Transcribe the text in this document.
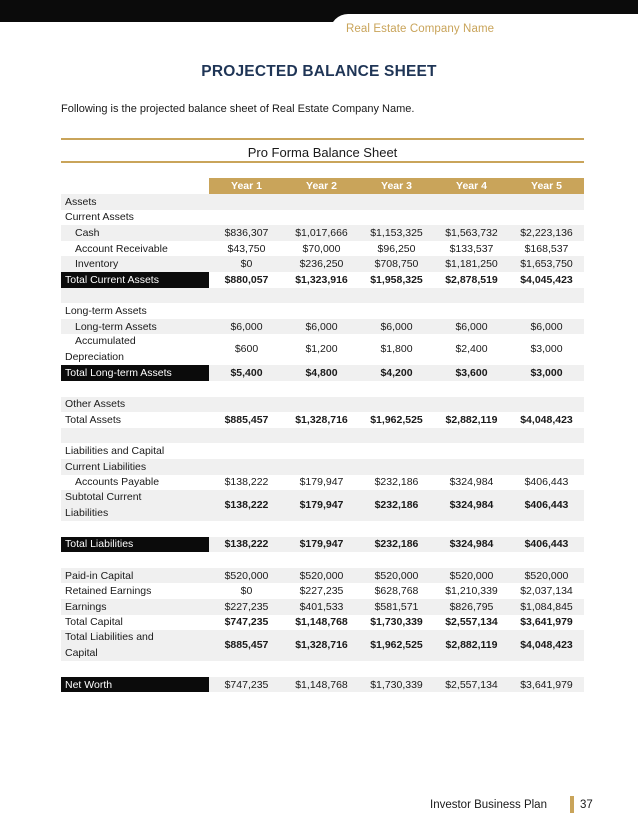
Real Estate Company Name
PROJECTED BALANCE SHEET
Following is the projected balance sheet of Real Estate Company Name.
Pro Forma Balance Sheet
	Year 1	Year 2	Year 3	Year 4	Year 5
Assets					
Current Assets					
Cash	$836,307	$1,017,666	$1,153,325	$1,563,732	$2,223,136
Account Receivable	$43,750	$70,000	$96,250	$133,537	$168,537
Inventory	$0	$236,250	$708,750	$1,181,250	$1,653,750
Total Current Assets	$880,057	$1,323,916	$1,958,325	$2,878,519	$4,045,423

Long-term Assets					
Long-term Assets	$6,000	$6,000	$6,000	$6,000	$6,000
Accumulated
Depreciation	$600	$1,200	$1,800	$2,400	$3,000
Total Long-term Assets	$5,400	$4,800	$4,200	$3,600	$3,000

Other Assets					
Total Assets	$885,457	$1,328,716	$1,962,525	$2,882,119	$4,048,423

Liabilities and Capital					
Current Liabilities					
Accounts Payable	$138,222	$179,947	$232,186	$324,984	$406,443
Subtotal Current
Liabilities	$138,222	$179,947	$232,186	$324,984	$406,443

Total Liabilities	$138,222	$179,947	$232,186	$324,984	$406,443

Paid-in Capital	$520,000	$520,000	$520,000	$520,000	$520,000
Retained Earnings	$0	$227,235	$628,768	$1,210,339	$2,037,134
Earnings	$227,235	$401,533	$581,571	$826,795	$1,084,845
Total Capital	$747,235	$1,148,768	$1,730,339	$2,557,134	$3,641,979
Total Liabilities and
Capital	$885,457	$1,328,716	$1,962,525	$2,882,119	$4,048,423

Net Worth	$747,235	$1,148,768	$1,730,339	$2,557,134	$3,641,979
Investor Business Plan	37
